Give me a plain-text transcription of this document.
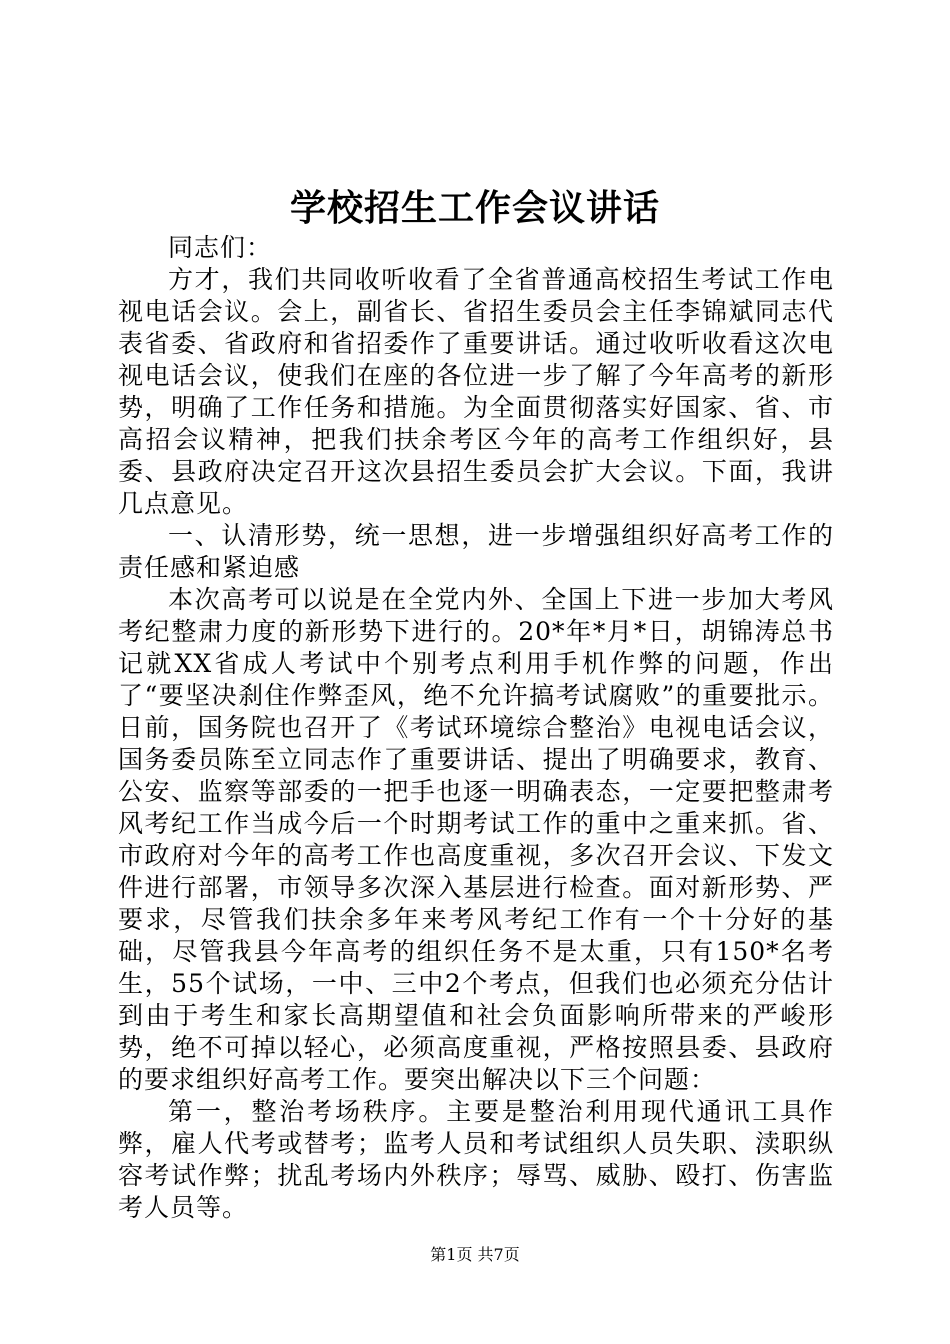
学校招生工作会议讲话

同志们：

方才，我们共同收听收看了全省普通高校招生考试工作电视电话会议。会上，副省长、省招生委员会主任李锦斌同志代表省委、省政府和省招委作了重要讲话。通过收听收看这次电视电话会议，使我们在座的各位进一步了解了今年高考的新形势，明确了工作任务和措施。为全面贯彻落实好国家、省、市高招会议精神，把我们扶余考区今年的高考工作组织好，县委、县政府决定召开这次县招生委员会扩大会议。下面，我讲几点意见。

一、认清形势，统一思想，进一步增强组织好高考工作的责任感和紧迫感

本次高考可以说是在全党内外、全国上下进一步加大考风考纪整肃力度的新形势下进行的。20*年*月*日，胡锦涛总书记就XX省成人考试中个别考点利用手机作弊的问题，作出了“要坚决刹住作弊歪风，绝不允许搞考试腐败”的重要批示。日前，国务院也召开了《考试环境综合整治》电视电话会议，国务委员陈至立同志作了重要讲话、提出了明确要求，教育、公安、监察等部委的一把手也逐一明确表态，一定要把整肃考风考纪工作当成今后一个时期考试工作的重中之重来抓。省、市政府对今年的高考工作也高度重视，多次召开会议、下发文件进行部署，市领导多次深入基层进行检查。面对新形势、严要求，尽管我们扶余多年来考风考纪工作有一个十分好的基础，尽管我县今年高考的组织任务不是太重，只有150*名考生，55个试场，一中、三中2个考点，但我们也必须充分估计到由于考生和家长高期望值和社会负面影响所带来的严峻形势，绝不可掉以轻心，必须高度重视，严格按照县委、县政府的要求组织好高考工作。要突出解决以下三个问题：

第一，整治考场秩序。主要是整治利用现代通讯工具作弊，雇人代考或替考；监考人员和考试组织人员失职、渎职纵容考试作弊；扰乱考场内外秩序；辱骂、威胁、殴打、伤害监考人员等。

第1页 共7页
